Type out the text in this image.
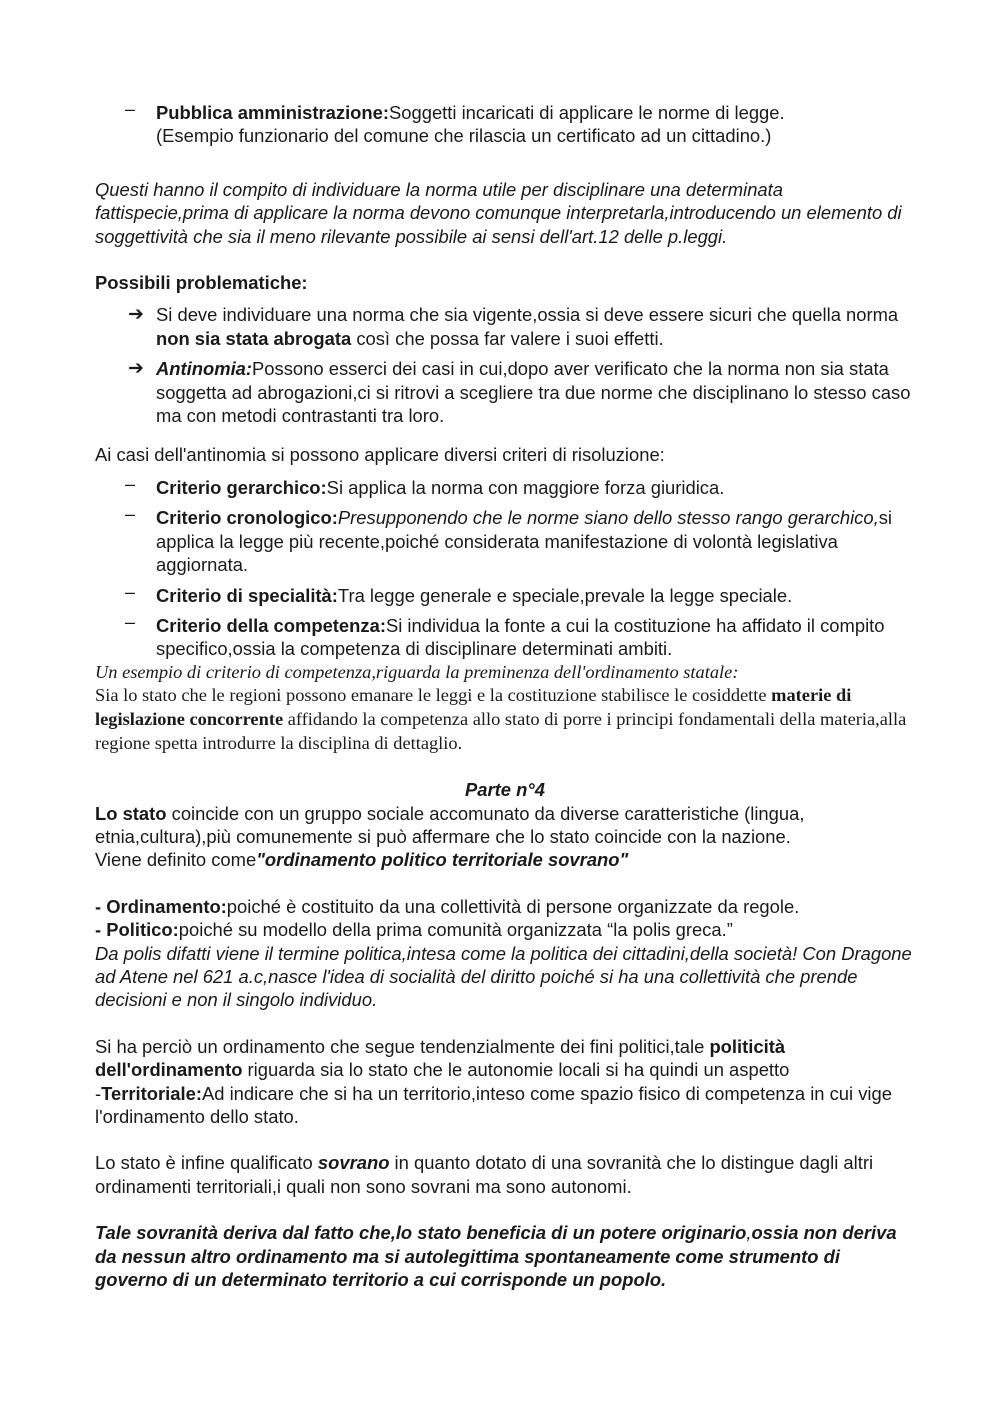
– Pubblica amministrazione:Soggetti incaricati di applicare le norme di legge.
(Esempio funzionario del comune che rilascia un certificato ad un cittadino.)

Questi hanno il compito di individuare la norma utile per disciplinare una determinata fattispecie,prima di applicare la norma devono comunque interpretarla,introducendo un elemento di soggettività che sia il meno rilevante possibile ai sensi dell'art.12 delle p.leggi.

Possibili problematiche:

➔ Si deve individuare una norma che sia vigente,ossia si deve essere sicuri che quella norma non sia stata abrogata così che possa far valere i suoi effetti.
➔ Antinomia:Possono esserci dei casi in cui,dopo aver verificato che la norma non sia stata soggetta ad abrogazioni,ci si ritrovi a scegliere tra due norme che disciplinano lo stesso caso ma con metodi contrastanti tra loro.

Ai casi dell'antinomia si possono applicare diversi criteri di risoluzione:

– Criterio gerarchico:Si applica la norma con maggiore forza giuridica.
– Criterio cronologico:Presupponendo che le norme siano dello stesso rango gerarchico,si applica la legge più recente,poiché considerata manifestazione di volontà legislativa aggiornata.
– Criterio di specialità:Tra legge generale e speciale,prevale la legge speciale.
– Criterio della competenza:Si individua la fonte a cui la costituzione ha affidato il compito specifico,ossia la competenza di disciplinare determinati ambiti.

Un esempio di criterio di competenza,riguarda la preminenza dell'ordinamento statale:

Sia lo stato che le regioni possono emanare le leggi e la costituzione stabilisce le cosiddette materie di legislazione concorrente affidando la competenza allo stato di porre i principi fondamentali della materia,alla regione spetta introdurre la disciplina di dettaglio.

Parte n°4

Lo stato coincide con un gruppo sociale accomunato da diverse caratteristiche (lingua, etnia,cultura),più comunemente si può affermare che lo stato coincide con la nazione.
Viene definito come"ordinamento politico territoriale sovrano"

- Ordinamento:poiché è costituito da una collettività di persone organizzate da regole.

- Politico:poiché su modello della prima comunità organizzata “la polis greca.”

Da polis difatti viene il termine politica,intesa come la politica dei cittadini,della società! Con Dragone ad Atene nel 621 a.c,nasce l'idea di socialità del diritto poiché si ha una collettività che prende decisioni e non il singolo individuo.

Si ha perciò un ordinamento che segue tendenzialmente dei fini politici,tale politicità dell'ordinamento riguarda sia lo stato che le autonomie locali si ha quindi un aspetto
-Territoriale:Ad indicare che si ha un territorio,inteso come spazio fisico di competenza in cui vige l'ordinamento dello stato.

Lo stato è infine qualificato sovrano in quanto dotato di una sovranità che lo distingue dagli altri ordinamenti territoriali,i quali non sono sovrani ma sono autonomi.

Tale sovranità deriva dal fatto che,lo stato beneficia di un potere originario,ossia non deriva da nessun altro ordinamento ma si autolegittima spontaneamente come strumento di governo di un determinato territorio a cui corrisponde un popolo.
